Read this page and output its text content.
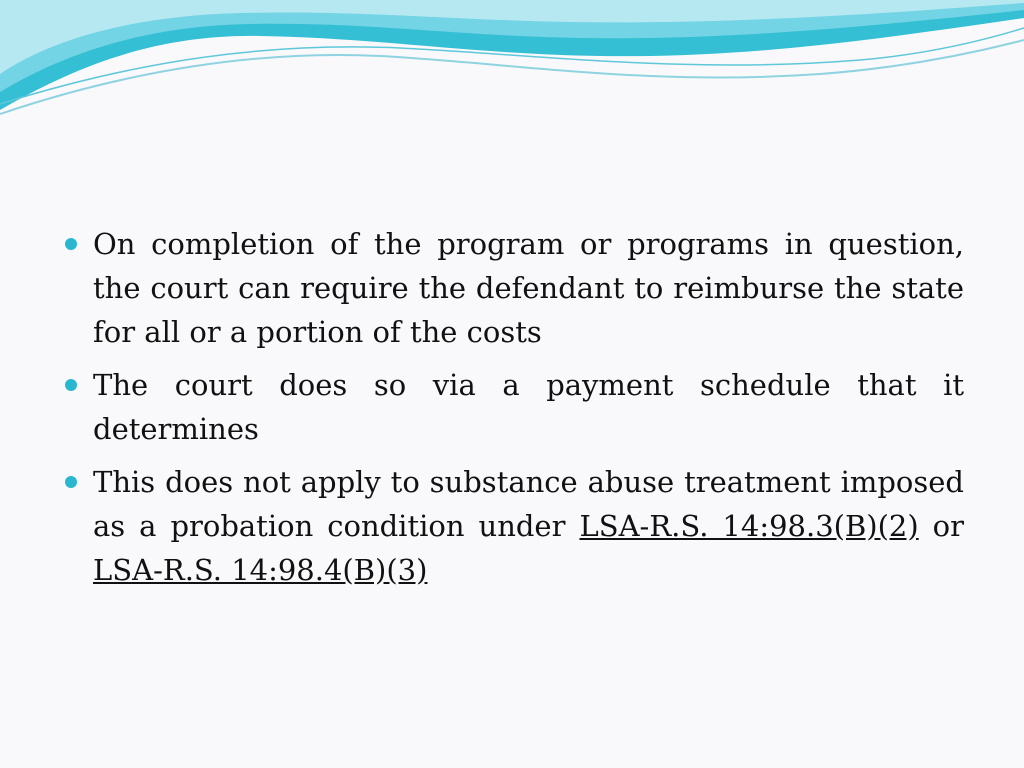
On completion of the program or programs in question, the court can require the defendant to reimburse the state for all or a portion of the costs
The court does so via a payment schedule that it determines
This does not apply to substance abuse treatment imposed as a probation condition under LSA-R.S. 14:98.3(B)(2) or LSA-R.S. 14:98.4(B)(3)
